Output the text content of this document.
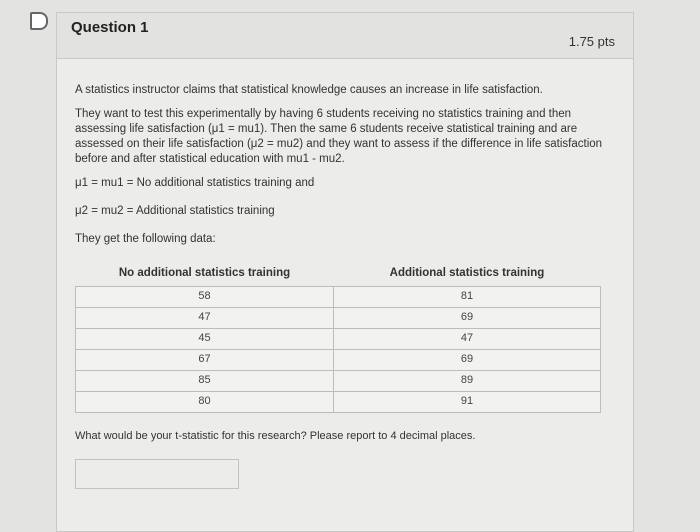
Question 1
1.75 pts

A statistics instructor claims that statistical knowledge causes an increase in life satisfaction.

They want to test this experimentally by having 6 students receiving no statistics training and then assessing life satisfaction (μ1 = mu1). Then the same 6 students receive statistical training and are assessed on their life satisfaction (μ2 = mu2) and they want to assess if the difference in life satisfaction before and after statistical education with mu1 - mu2.

μ1 = mu1 = No additional statistics training and

μ2 = mu2 = Additional statistics training

They get the following data:

No additional statistics training	Additional statistics training
58	81
47	69
45	47
67	69
85	89
80	91

What would be your t-statistic for this research? Please report to 4 decimal places.
